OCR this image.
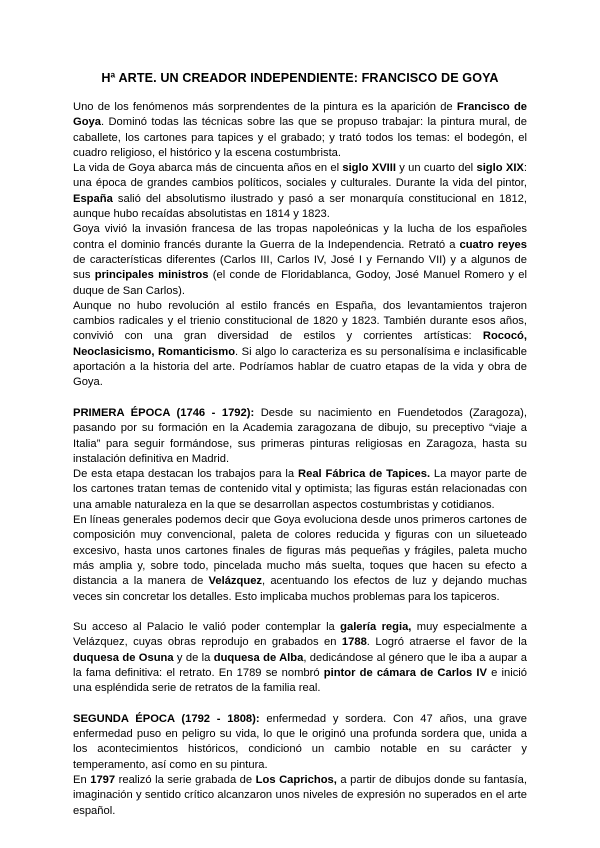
Hª ARTE. UN CREADOR INDEPENDIENTE: FRANCISCO DE GOYA

Uno de los fenómenos más sorprendentes de la pintura es la aparición de Francisco de Goya. Dominó todas las técnicas sobre las que se propuso trabajar: la pintura mural, de caballete, los cartones para tapices y el grabado; y trató todos los temas: el bodegón, el cuadro religioso, el histórico y la escena costumbrista.

La vida de Goya abarca más de cincuenta años en el siglo XVIII y un cuarto del siglo XIX: una época de grandes cambios políticos, sociales y culturales. Durante la vida del pintor, España salió del absolutismo ilustrado y pasó a ser monarquía constitucional en 1812, aunque hubo recaídas absolutistas en 1814 y 1823.

Goya vivió la invasión francesa de las tropas napoleónicas y la lucha de los españoles contra el dominio francés durante la Guerra de la Independencia. Retrató a cuatro reyes de características diferentes (Carlos III, Carlos IV, José I y Fernando VII) y a algunos de sus principales ministros (el conde de Floridablanca, Godoy, José Manuel Romero y el duque de San Carlos).

Aunque no hubo revolución al estilo francés en España, dos levantamientos trajeron cambios radicales y el trienio constitucional de 1820 y 1823. También durante esos años, convivió con una gran diversidad de estilos y corrientes artísticas: Rococó, Neoclasicismo, Romanticismo. Si algo lo caracteriza es su personalísima e inclasificable aportación a la historia del arte. Podríamos hablar de cuatro etapas de la vida y obra de Goya.

PRIMERA ÉPOCA (1746 - 1792): Desde su nacimiento en Fuendetodos (Zaragoza), pasando por su formación en la Academia zaragozana de dibujo, su preceptivo “viaje a Italia” para seguir formándose, sus primeras pinturas religiosas en Zaragoza, hasta su instalación definitiva en Madrid.

De esta etapa destacan los trabajos para la Real Fábrica de Tapices. La mayor parte de los cartones tratan temas de contenido vital y optimista; las figuras están relacionadas con una amable naturaleza en la que se desarrollan aspectos costumbristas y cotidianos.

En líneas generales podemos decir que Goya evoluciona desde unos primeros cartones de composición muy convencional, paleta de colores reducida y figuras con un silueteado excesivo, hasta unos cartones finales de figuras más pequeñas y frágiles, paleta mucho más amplia y, sobre todo, pincelada mucho más suelta, toques que hacen su efecto a distancia a la manera de Velázquez, acentuando los efectos de luz y dejando muchas veces sin concretar los detalles. Esto implicaba muchos problemas para los tapiceros.

Su acceso al Palacio le valió poder contemplar la galería regia, muy especialmente a Velázquez, cuyas obras reprodujo en grabados en 1788. Logró atraerse el favor de la duquesa de Osuna y de la duquesa de Alba, dedicándose al género que le iba a aupar a la fama definitiva: el retrato. En 1789 se nombró pintor de cámara de Carlos IV e inició una espléndida serie de retratos de la familia real.

SEGUNDA ÉPOCA (1792 - 1808): enfermedad y sordera. Con 47 años, una grave enfermedad puso en peligro su vida, lo que le originó una profunda sordera que, unida a los acontecimientos históricos, condicionó un cambio notable en su carácter y temperamento, así como en su pintura.

En 1797 realizó la serie grabada de Los Caprichos, a partir de dibujos donde su fantasía, imaginación y sentido crítico alcanzaron unos niveles de expresión no superados en el arte español.
